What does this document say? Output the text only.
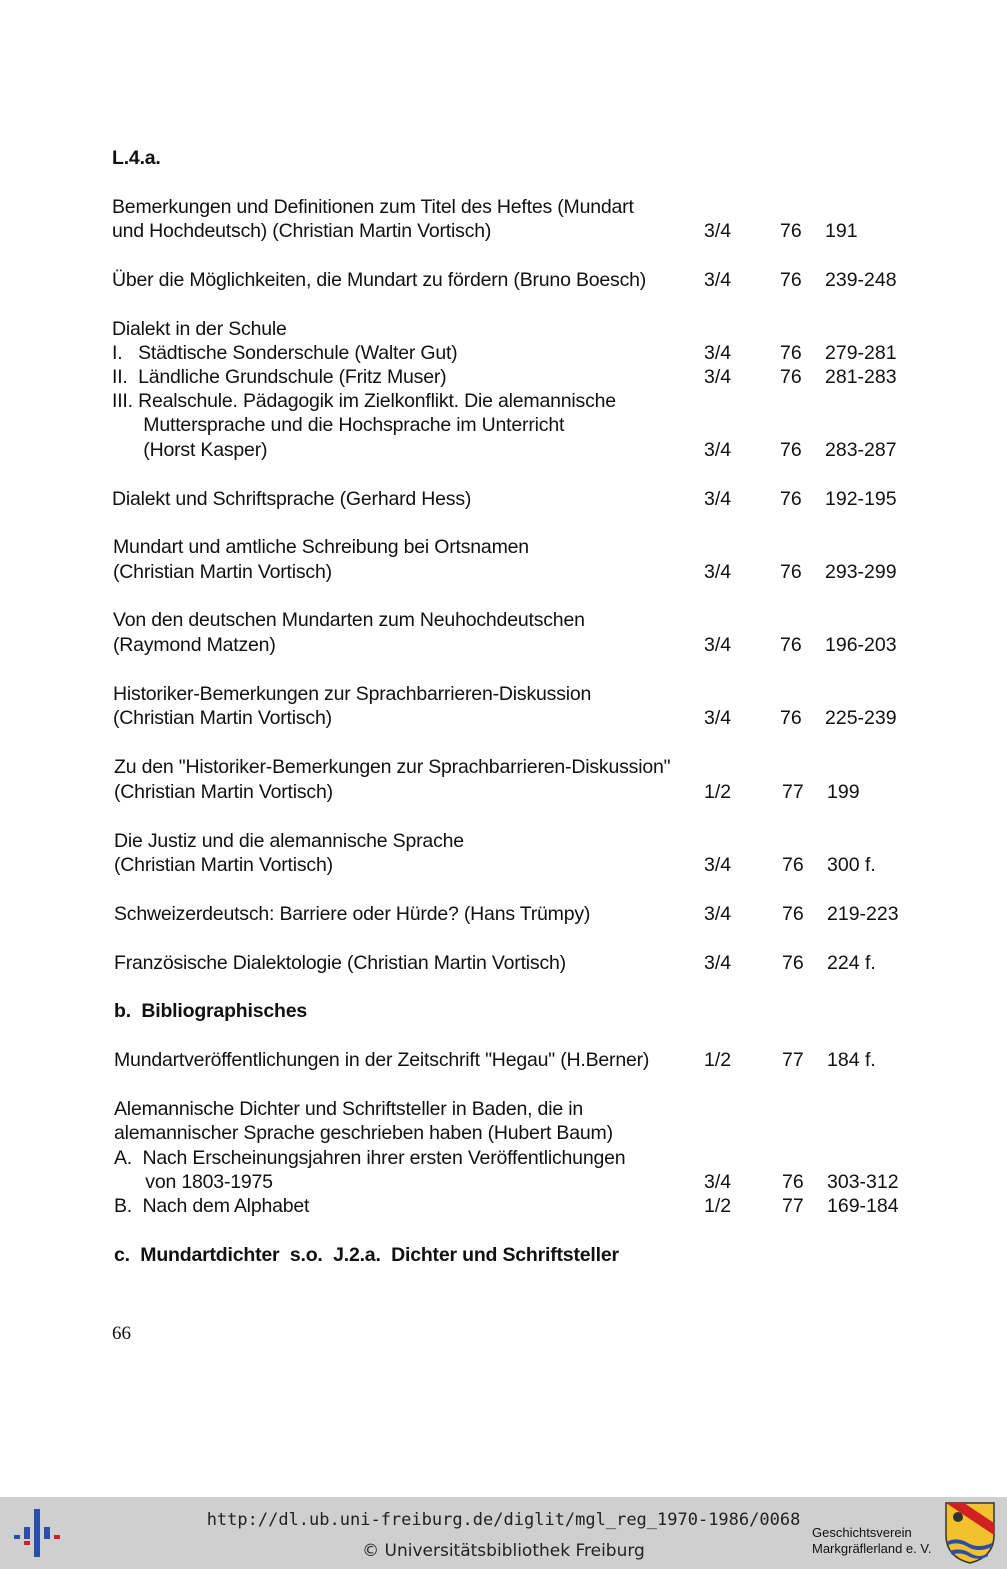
L.4.a.
Bemerkungen und Definitionen zum Titel des Heftes (Mundart
und Hochdeutsch) (Christian Martin Vortisch)	3/4	76 191
Über die Möglichkeiten, die Mundart zu fördern (Bruno Boesch)	3/4	76 239-248
Dialekt in der Schule
I.   Städtische Sonderschule (Walter Gut)	3/4	76 279-281
II.  Ländliche Grundschule (Fritz Muser)	3/4	76 281-283
III. Realschule. Pädagogik im Zielkonflikt. Die alemannische
Muttersprache und die Hochsprache im Unterricht
(Horst Kasper)	3/4	76 283-287
Dialekt und Schriftsprache (Gerhard Hess)	3/4	76 192-195
Mundart und amtliche Schreibung bei Ortsnamen
(Christian Martin Vortisch)	3/4	76 293-299
Von den deutschen Mundarten zum Neuhochdeutschen
(Raymond Matzen)	3/4	76 196-203
Historiker-Bemerkungen zur Sprachbarrieren-Diskussion
(Christian Martin Vortisch)	3/4	76 225-239
Zu den "Historiker-Bemerkungen zur Sprachbarrieren-Diskussion"
(Christian Martin Vortisch)	1/2	77 199
Die Justiz und die alemannische Sprache
(Christian Martin Vortisch)	3/4	76 300 f.
Schweizerdeutsch: Barriere oder Hürde? (Hans Trümpy)	3/4	76 219-223
Französische Dialektologie (Christian Martin Vortisch)	3/4	76 224 f.
b.  Bibliographisches
Mundartveröffentlichungen in der Zeitschrift "Hegau" (H.Berner)	1/2	77 184 f.
Alemannische Dichter und Schriftsteller in Baden, die in
alemannischer Sprache geschrieben haben (Hubert Baum)
A.  Nach Erscheinungsjahren ihrer ersten Veröffentlichungen
von 1803-1975	3/4	76 303-312
B.  Nach dem Alphabet	1/2	77 169-184
c.  Mundartdichter  s.o.  J.2.a.  Dichter und Schriftsteller
66
http://dl.ub.uni-freiburg.de/diglit/mgl_reg_1970-1986/0068
© Universitätsbibliothek Freiburg
Geschichtsverein
Markgräflerland e. V.
